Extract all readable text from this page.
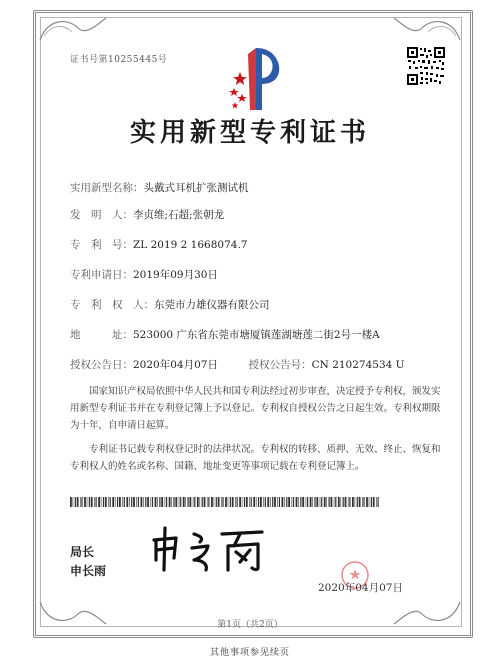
证书号第10255445号
实用新型专利证书
实用新型名称：头戴式耳机扩张测试机
发　明　人：李贞维;石超;张朝龙
专　利　号：ZL 2019 2 1668074.7
专利申请日：2019年09月30日
专　利　权　人：东莞市力雄仪器有限公司
地　　　址：523000 广东省东莞市塘厦镇莲湖塘莲二街2号一楼A
授权公告日：2020年04月07日	授权公告号：CN 210274534 U
国家知识产权局依照中华人民共和国专利法经过初步审查，决定授予专利权，颁发实用新型专利证书并在专利登记簿上予以登记。专利权自授权公告之日起生效。专利权期限为十年，自申请日起算。
专利证书记载专利权登记时的法律状况。专利权的转移、质押、无效、终止、恢复和专利权人的姓名或名称、国籍、地址变更等事项记载在专利登记簿上。
局长
申长雨
2020年04月07日
第1页（共2页）
其他事项参见续页
